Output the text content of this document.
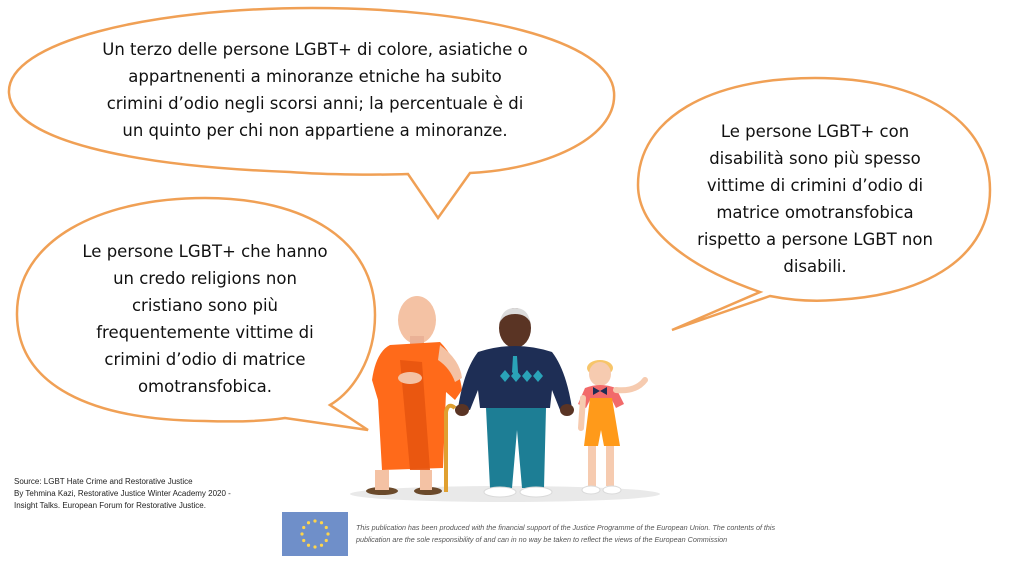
Un terzo delle persone LGBT+ di colore, asiatiche o
appartnenenti a minoranze etniche ha subito
crimini d’odio negli scorsi anni; la percentuale è di
un quinto per chi non appartiene a minoranze.
Le persone LGBT+ che hanno
un credo religions non
cristiano sono più
frequentemente vittime di
crimini d’odio di matrice
omotransfobica.
Le persone LGBT+ con
disabilità sono più spesso
vittime di crimini d’odio di
matrice omotransfobica
rispetto a persone LGBT non
disabili.
Source: LGBT Hate Crime and Restorative Justice
By Tehmina Kazi, Restorative Justice Winter Academy 2020 -
Insight Talks. European Forum for Restorative Justice.
This publication has been produced with the financial support of the Justice Programme of the European Union. The contents of this
publication are the sole responsibility of and can in no way be taken to reflect the views of the European Commission
